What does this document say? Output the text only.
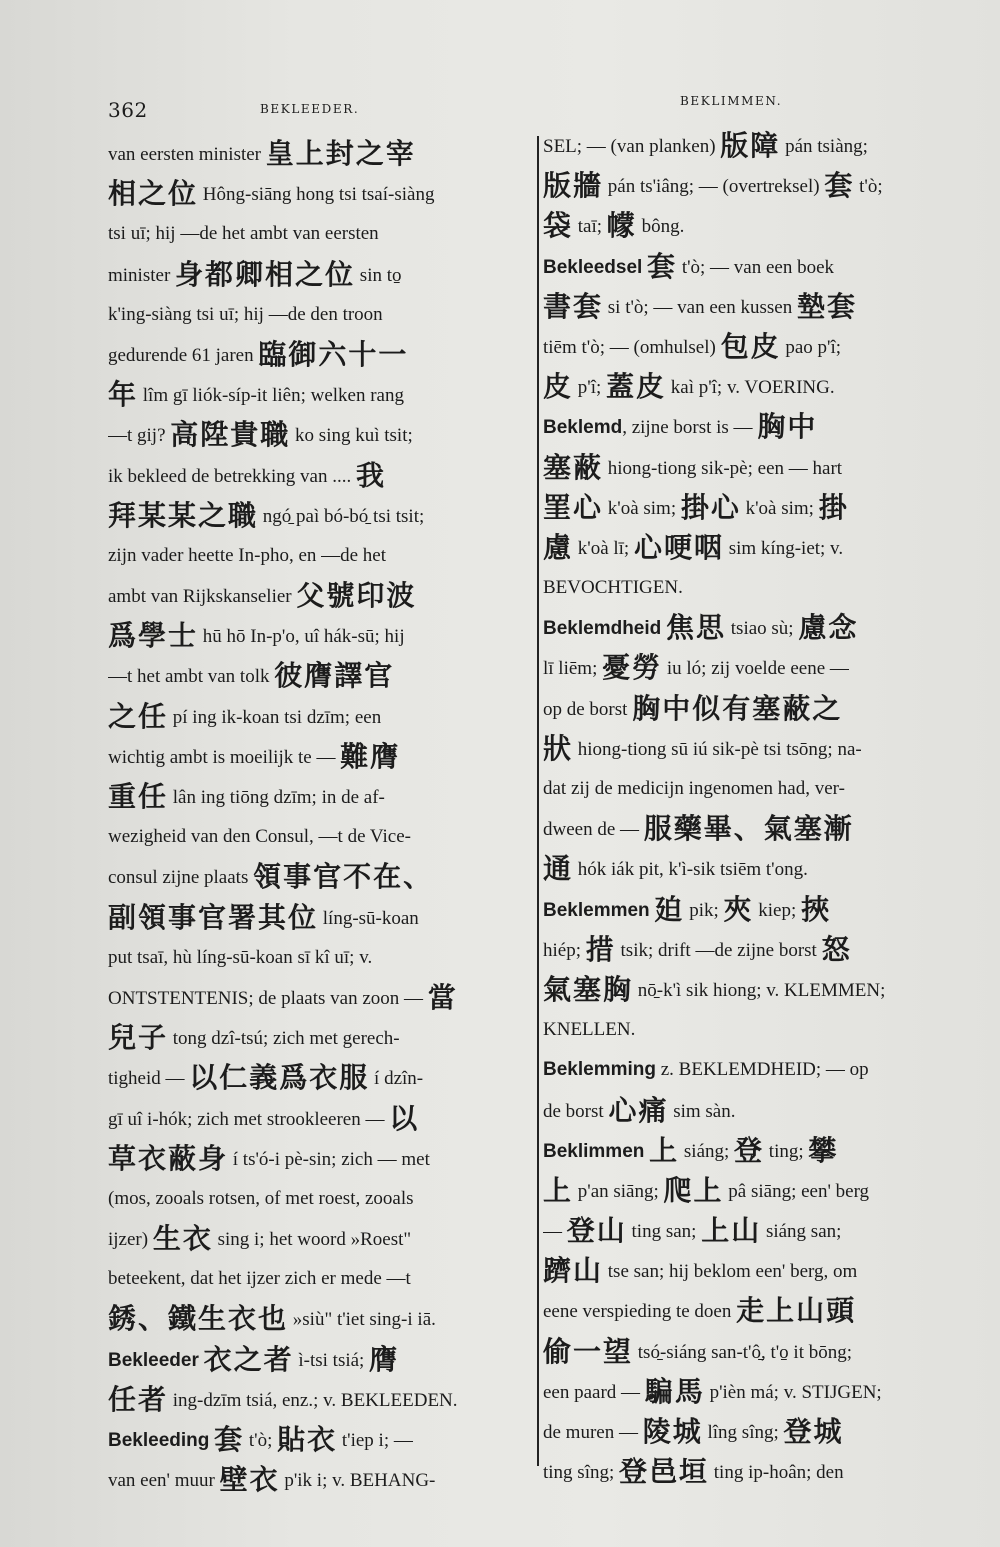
362	BEKLEEDER.
BEKLIMMEN.
van eersten minister 皇上封之宰
相之位 Hông-siāng hong tsi tsaí-siàng
tsi uī; hij —de het ambt van eersten
minister 身都卿相之位 sin to̱
k'ing-siàng tsi uī; hij —de den troon
gedurende 61 jaren 臨御六十一
年 lîm gī liók-síp-it liên; welken rang
—t gij? 高陞貴職 ko sing kuì tsit;
ik bekleed de betrekking van .... 我
拜某某之職 ngó̱ paì bó-bó̱ tsi tsit;
zijn vader heette In-pho, en —de het
ambt van Rijkskanselier 父號印波
爲學士 hū hō In-p'o, uî hák-sū; hij
—t het ambt van tolk 彼膺譯官
之任 pí ing ik-koan tsi dzīm; een
wichtig ambt is moeilijk te — 難膺
重任 lân ing tiōng dzīm; in de af-
wezigheid van den Consul, —t de Vice-
consul zijne plaats 領事官不在、
副領事官署其位 líng-sū-koan
put tsaī, hù líng-sū-koan sī kî uī; v.
ONTSTENTENIS; de plaats van zoon — 當
兒子 tong dzî-tsú; zich met gerech-
tigheid — 以仁義爲衣服 í dzîn-
gī uî i-hók; zich met strookleeren — 以
草衣蔽身 í ts'ó-i pè-sin; zich — met
(mos, zooals rotsen, of met roest, zooals
ijzer) 生衣 sing i; het woord »Roest"
beteekent, dat het ijzer zich er mede —t
銹、鐵生衣也 »siù" t'iet sing-i iā.
Bekleeder 衣之者 ì-tsi tsiá; 膺
任者 ing-dzīm tsiá, enz.; v. BEKLEEDEN.
Bekleeding 套 t'ò; 貼衣 t'iep i; —
van een' muur 壁衣 p'ik i; v. BEHANG-
SEL; — (van planken) 版障 pán tsiàng;
版牆 pán ts'iâng; — (overtreksel) 套 t'ò;
袋 taī; 幪 bông.
Bekleedsel 套 t'ò; — van een boek
書套 si t'ò; — van een kussen 墊套
tiēm t'ò; — (omhulsel) 包皮 pao p'î;
皮 p'î; 蓋皮 kaì p'î; v. VOERING.
Beklemd, zijne borst is — 胸中
塞蔽 hiong-tiong sik-pè; een — hart
罣心 k'oà sim; 掛心 k'oà sim; 掛
慮 k'oà lī; 心哽咽 sim kíng-iet; v.
BEVOCHTIGEN.
Beklemdheid 焦思 tsiao sù; 慮念
lī liēm; 憂勞 iu ló; zij voelde eene —
op de borst 胸中似有塞蔽之
狀 hiong-tiong sū iú sik-pè tsi tsōng; na-
dat zij de medicijn ingenomen had, ver-
dween de — 服藥畢、氣塞漸
通 hók iák pit, k'ì-sik tsiēm t'ong.
Beklemmen 廹 pik; 夾 kiep; 挾
hiép; 措 tsik; drift —de zijne borst 怒
氣塞胸 nō̱-k'ì sik hiong; v. KLEMMEN;
KNELLEN.
Beklemming z. BEKLEMDHEID; — op
de borst 心痛 sim sàn.
Beklimmen 上 siáng; 登 ting; 攀
上 p'an siāng; 爬上 pâ siāng; een' berg
— 登山 ting san; 上山 siáng san;
躋山 tse san; hij beklom een' berg, om
eene verspieding te doen 走上山頭
偷一望 tsó̱-siáng san-t'ô̱, t'o̱ it bōng;
een paard — 騙馬 p'ièn má; v. STIJGEN;
de muren — 陵城 lîng sîng; 登城
ting sîng; 登邑垣 ting ip-hoân; den
